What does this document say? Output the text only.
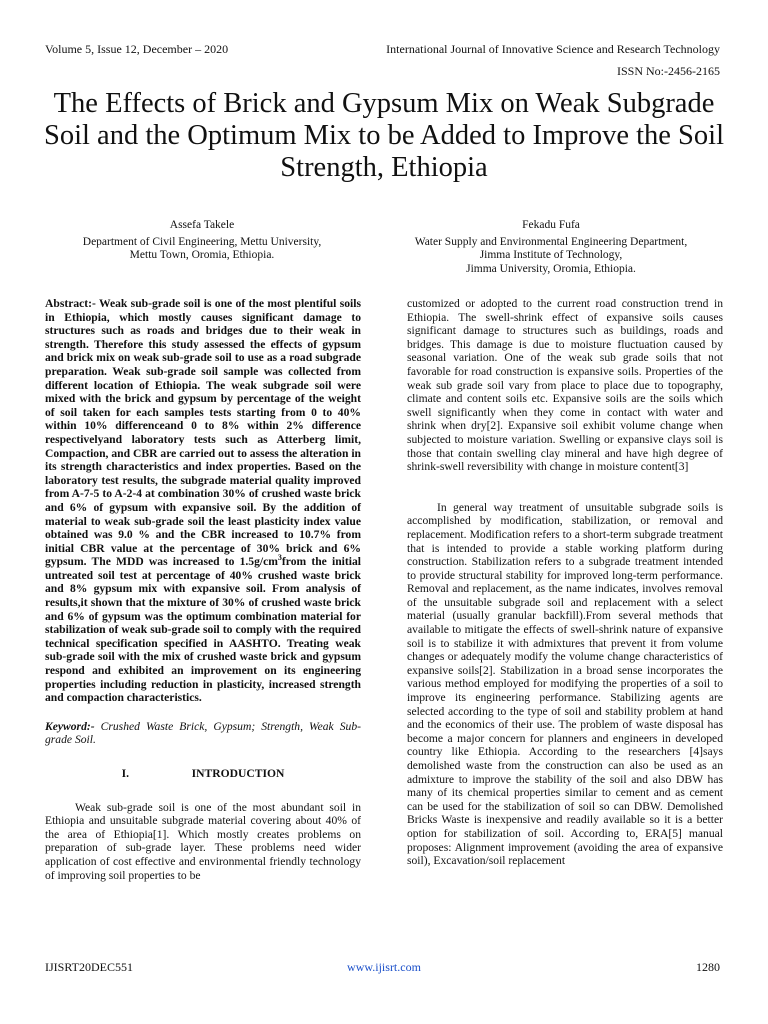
Volume 5, Issue 12, December – 2020	International Journal of Innovative Science and Research Technology
ISSN No:-2456-2165
The Effects of Brick and Gypsum Mix on Weak Subgrade Soil and the Optimum Mix to be Added to Improve the Soil Strength, Ethiopia
Assefa Takele
Department of Civil Engineering, Mettu University,
Mettu Town, Oromia, Ethiopia.
Fekadu Fufa
Water Supply and Environmental Engineering Department,
Jimma Institute of Technology,
Jimma University, Oromia, Ethiopia.

Abstract:- Weak sub-grade soil is one of the most plentiful soils in Ethiopia, which mostly causes significant damage to structures such as roads and bridges due to their weak in strength. Therefore this study assessed the effects of gypsum and brick mix on weak sub-grade soil to use as a road subgrade preparation. Weak sub-grade soil sample was collected from different location of Ethiopia. The weak subgrade soil were mixed with the brick and gypsum by percentage of the weight of soil taken for each samples tests starting from 0 to 40% within 10% differenceand 0 to 8% within 2% difference respectivelyand laboratory tests such as Atterberg limit, Compaction, and CBR are carried out to assess the alteration in its strength characteristics and index properties. Based on the laboratory test results, the subgrade material quality improved from A-7-5 to A-2-4 at combination 30% of crushed waste brick and 6% of gypsum with expansive soil. By the addition of material to weak sub-grade soil the least plasticity index value obtained was 9.0 % and the CBR increased to 10.7% from initial CBR value at the percentage of 30% brick and 6% gypsum. The MDD was increased to $1.5g/cm^3from$ the initial untreated soil test at percentage of 40% crushed waste brick and 8% gypsum mix with expansive soil. From analysis of results,it shown that the mixture of 30% of crushed waste brick and 6% of gypsum was the optimum combination material for stabilization of weak sub-grade soil to comply with the required technical specification specified in AASHTO. Treating weak sub-grade soil with the mix of crushed waste brick and gypsum respond and exhibited an improvement on its engineering properties including reduction in plasticity, increased strength and compaction characteristics.

Keyword:- Crushed Waste Brick, Gypsum; Strength, Weak Sub-grade Soil.

I.	INTRODUCTION

Weak sub-grade soil is one of the most abundant soil in Ethiopia and unsuitable subgrade material covering about 40% of the area of Ethiopia[1]. Which mostly creates problems on preparation of sub-grade layer. These problems need wider application of cost effective and environmental friendly technology of improving soil properties to be

customized or adopted to the current road construction trend in Ethiopia. The swell-shrink effect of expansive soils causes significant damage to structures such as buildings, roads and bridges. This damage is due to moisture fluctuation caused by seasonal variation. One of the weak sub grade soils that not favorable for road construction is expansive soils. Properties of the weak sub grade soil vary from place to place due to topography, climate and content soils etc. Expansive soils are the soils which swell significantly when they come in contact with water and shrink when dry[2]. Expansive soil exhibit volume change when subjected to moisture variation. Swelling or expansive clays soil is those that contain swelling clay mineral and have high degree of shrink-swell reversibility with change in moisture content[3]

In general way treatment of unsuitable subgrade soils is accomplished by modification, stabilization, or removal and replacement. Modification refers to a short-term subgrade treatment that is intended to provide a stable working platform during construction. Stabilization refers to a subgrade treatment intended to provide structural stability for improved long-term performance. Removal and replacement, as the name indicates, involves removal of the unsuitable subgrade soil and replacement with a select material (usually granular backfill).From several methods that available to mitigate the effects of swell-shrink nature of expansive soil is to stabilize it with admixtures that prevent it from volume changes or adequately modify the volume change characteristics of expansive soils[2]. Stabilization in a broad sense incorporates the various method employed for modifying the properties of a soil to improve its engineering performance. Stabilizing agents are selected according to the type of soil and stability problem at hand and the economics of their use. The problem of waste disposal has become a major concern for planners and engineers in developed country like Ethiopia. According to the researchers [4]says demolished waste from the construction can also be used as an admixture to improve the stability of the soil and also DBW has many of its chemical properties similar to cement and as cement can be used for the stabilization of soil so can DBW. Demolished Bricks Waste is inexpensive and readily available so it is a better option for stabilization of soil. According to, ERA[5] manual proposes: Alignment improvement (avoiding the area of expansive soil), Excavation/soil replacement

IJISRT20DEC551	www.ijisrt.com	1280
